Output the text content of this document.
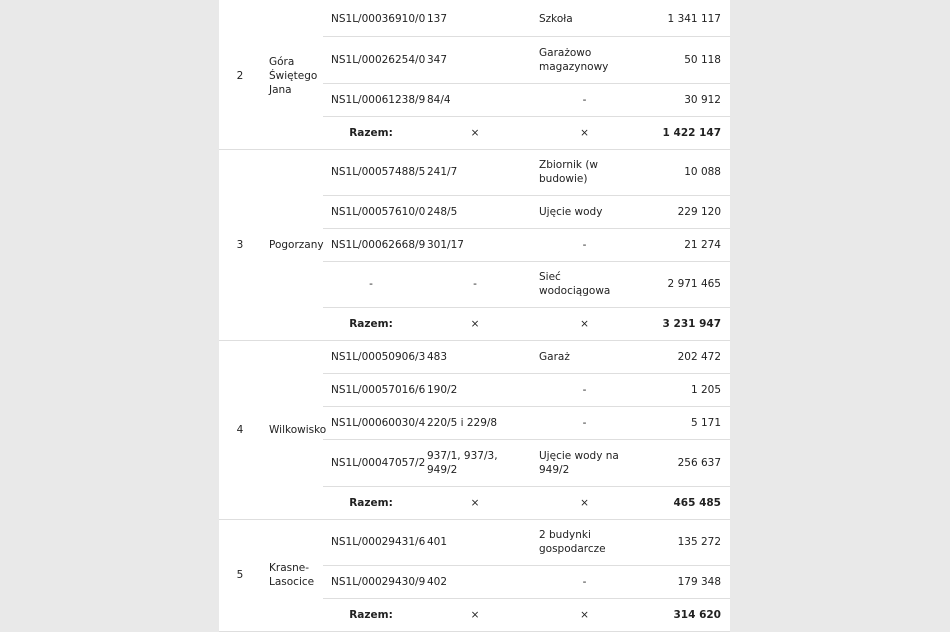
2	Góra Świętego Jana	NS1L/00036910/0	137	Szkoła	1 341 117
		NS1L/00026254/0	347	Garażowo magazynowy	50 118
		NS1L/00061238/9	84/4	-	30 912
		Razem:	×	×	1 422 147
3	Pogorzany	NS1L/00057488/5	241/7	Zbiornik (w budowie)	10 088
		NS1L/00057610/0	248/5	Ujęcie wody	229 120
		NS1L/00062668/9	301/17	-	21 274
		-	-	Sieć wodociągowa	2 971 465
		Razem:	×	×	3 231 947
4	Wilkowisko	NS1L/00050906/3	483	Garaż	202 472
		NS1L/00057016/6	190/2	-	1 205
		NS1L/00060030/4	220/5 i 229/8	-	5 171
		NS1L/00047057/2	937/1, 937/3, 949/2	Ujęcie wody na 949/2	256 637
		Razem:	×	×	465 485
5	Krasne-Lasocice	NS1L/00029431/6	401	2 budynki gospodarcze	135 272
		NS1L/00029430/9	402	-	179 348
		Razem:	×	×	314 620
